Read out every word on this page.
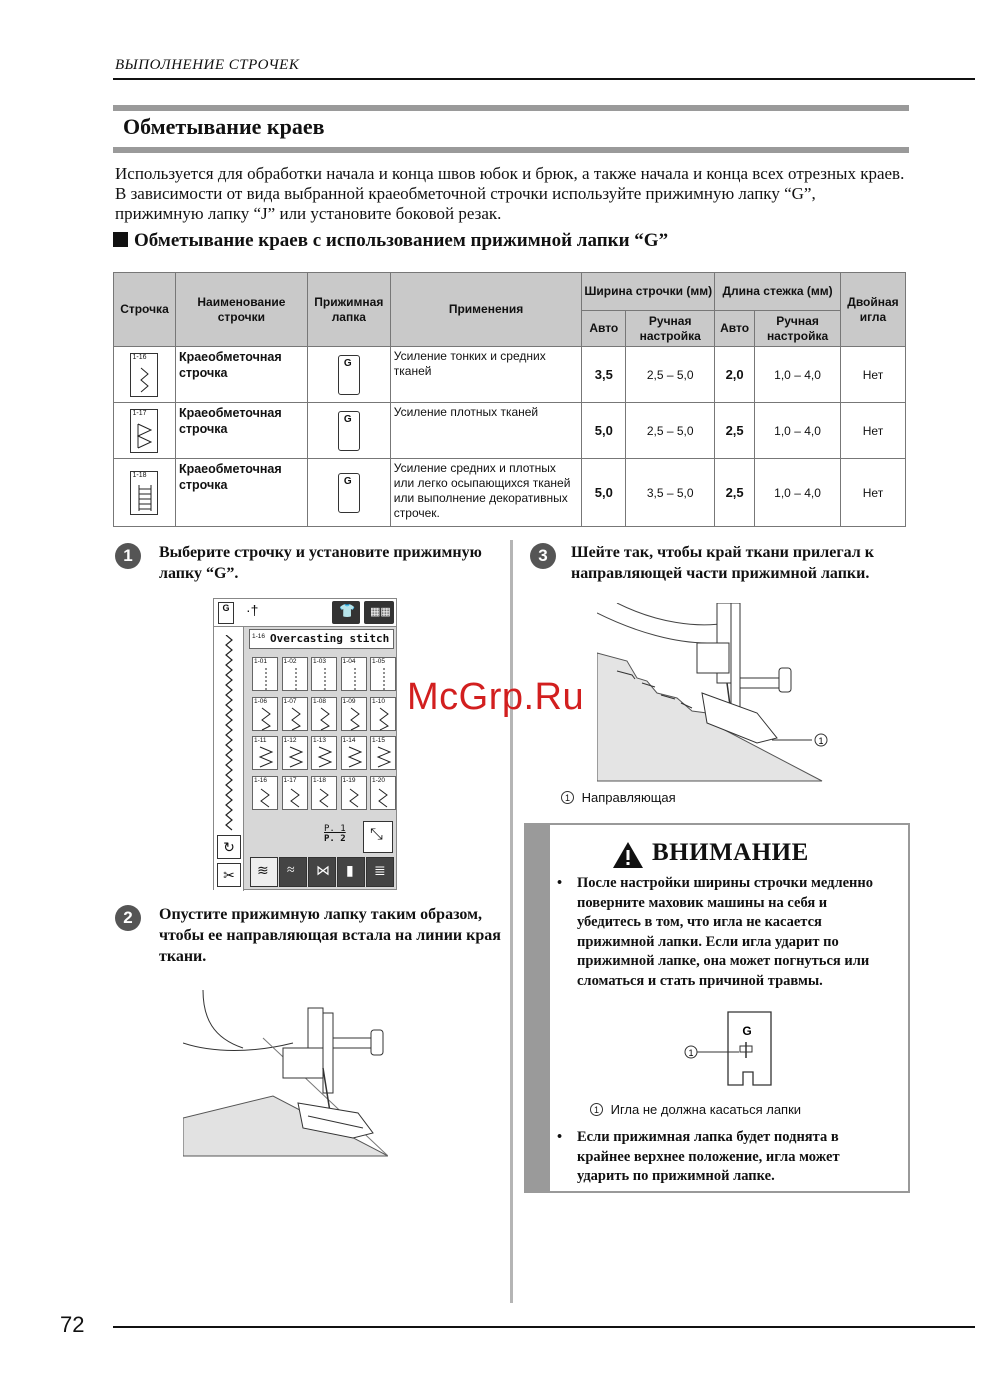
ВЫПОЛНЕНИЕ СТРОЧЕК
Обметывание краев
Используется для обработки начала и конца швов юбок и брюк, а также начала и конца всех отрезных краев. В зависимости от вида выбранной краеобметочной строчки используйте прижимную лапку “G”, прижимную лапку “J” или установите боковой резак.
Обметывание краев с использованием прижимной лапки “G”
Строчка	Наименование строчки	Прижимная лапка	Применения	Ширина строчки (мм)		Длина стежка (мм)		Двойная игла
				Авто	Ручная настройка	Авто	Ручная настройка	

1-16	Краеобметочная строчка	G	Усиление тонких и средних тканей	3,5	2,5 – 5,0	2,0	1,0 – 4,0	Нет

1-17	Краеобметочная строчка	G	Усиление плотных тканей	5,0	2,5 – 5,0	2,5	1,0 – 4,0	Нет

1-18	Краеобметочная строчка	G	Усиление средних и плотных или легко осыпающихся тканей или выполнение декоративных строчек.	5,0	3,5 – 5,0	2,5	1,0 – 4,0	Нет
1	Выберите строчку и установите прижимную лапку “G”.
G	·†	👕 ▦▦
↻
✂
1-16 Overcasting stitch
1-01	1-02	1-03	1-04	1-05
1-06	1-07	1-08	1-09	1-10
1-11	1-12	1-13	1-14	1-15
1-16	1-17	1-18	1-19	1-20
P. 1
P. 2 ⤡
≋ ≈ ⋈ ▮ ≣
2	Опустите прижимную лапку таким образом, чтобы ее направляющая встала на линии края ткани.
3	Шейте так, чтобы край ткани прилегал к направляющей части прижимной лапки.
1
1 Направляющая
ВНИМАНИЕ
• После настройки ширины строчки медленно поверните маховик машины на себя и убедитесь в том, что игла не касается прижимной лапки. Если игла ударит по прижимной лапке, она может погнуться или сломаться и стать причиной травмы.
G
1
1 Игла не должна касаться лапки
• Если прижимная лапка будет поднята в крайнее верхнее положение, игла может ударить по прижимной лапке.
McGrp.Ru
72
